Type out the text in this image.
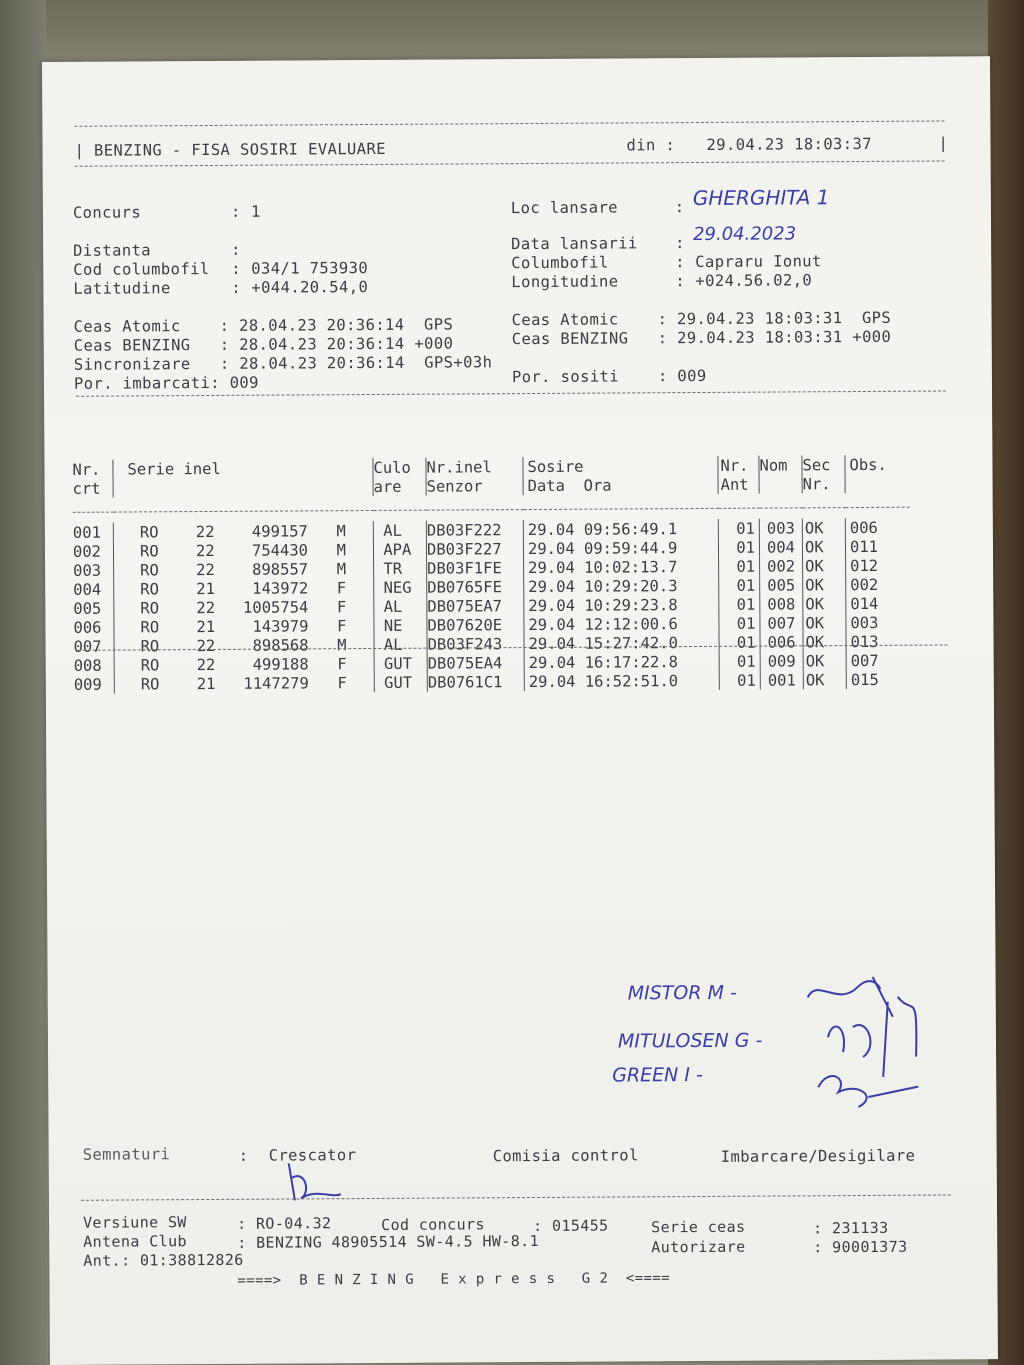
| BENZING - FISA SOSIRI EVALUARE	din : 29.04.23 18:03:37	|
Concurs	: 1
Distanta	:
Cod columbofil : 034/1 753930
Latitudine	: +044.20.54,0
Loc lansare	: GHERGHITA 1
Data lansarii : 29.04.2023
Columbofil	: Capraru Ionut
Longitudine	: +024.56.02,0
Ceas Atomic    : 28.04.23 20:36:14  GPS
Ceas BENZING   : 28.04.23 20:36:14 +000
Sincronizare   : 28.04.23 20:36:14  GPS+03h
Por. imbarcati: 009
Ceas Atomic    : 29.04.23 18:03:31  GPS
Ceas BENZING   : 29.04.23 18:03:31 +000
Por. sositi    : 009
Nr.	Serie inel	Culo	Nr.inel	Sosire	Nr.	Nom	Sec	Obs.
crt		are	Senzor	Data  Ora	Ant		Nr.	

001	RO 22 499157 M	AL	DB03F222	29.04 09:56:49.1	01	003	OK	006
002	RO 22 754430 M	APA	DB03F227	29.04 09:59:44.9	01	004	OK	011
003	RO 22 898557 M	TR	DB03F1FE	29.04 10:02:13.7	01	002	OK	012
004	RO 21 143972 F	NEG	DB0765FE	29.04 10:29:20.3	01	005	OK	002
005	RO 22 1005754 F	AL	DB075EA7	29.04 10:29:23.8	01	008	OK	014
006	RO 21 143979 F	NE	DB07620E	29.04 12:12:00.6	01	007	OK	003
007	RO 22 898568 M	AL	DB03F243	29.04 15:27:42.0	01	006	OK	013
008	RO 22 499188 F	GUT	DB075EA4	29.04 16:17:22.8	01	009	OK	007
009	RO 21 1147279 F	GUT	DB0761C1	29.04 16:52:51.0	01	001	OK	015
MISTOR M -
MITULOSEN G -
GREEN I -
Semnaturi	: Crescator	Comisia control	Imbarcare/Desigilare
Versiune SW	: RO-04.32	Cod concurs	: 015455	Serie ceas	: 231133
Antena Club	: BENZING 48905514 SW-4.5 HW-8.1	Autorizare	: 90001373
Ant.: 01:38812826
====>  B E N Z I N G   E x p r e s s   G 2  <====
